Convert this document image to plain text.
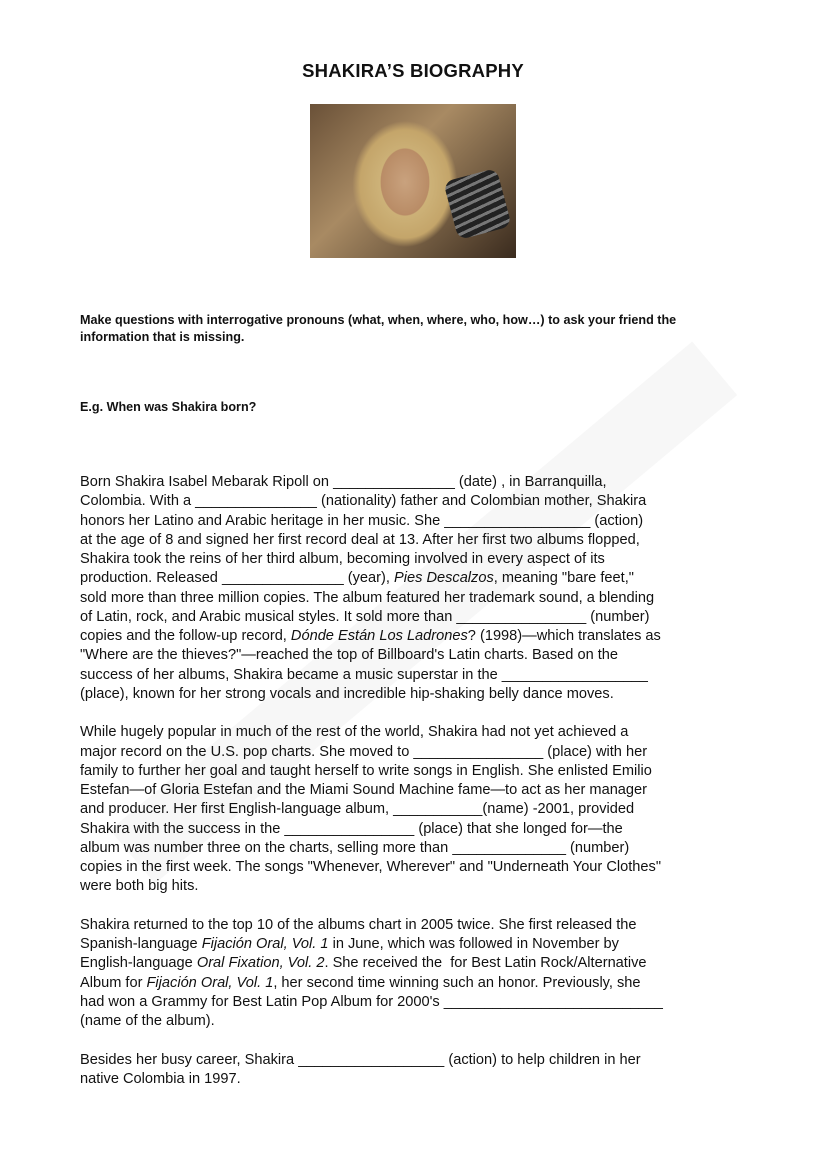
SHAKIRA’S BIOGRAPHY
Make questions with interrogative pronouns (what, when, where, who, how…) to ask your friend the
information that is missing.
E.g. When was Shakira born?
Born Shakira Isabel Mebarak Ripoll on _______________ (date) , in Barranquilla,
Colombia. With a _______________ (nationality) father and Colombian mother, Shakira
honors her Latino and Arabic heritage in her music. She __________________ (action)
at the age of 8 and signed her first record deal at 13. After her first two albums flopped,
Shakira took the reins of her third album, becoming involved in every aspect of its
production. Released _______________ (year), Pies Descalzos, meaning "bare feet,"
sold more than three million copies. The album featured her trademark sound, a blending
of Latin, rock, and Arabic musical styles. It sold more than ________________ (number)
copies and the follow-up record, Dónde Están Los Ladrones? (1998)—which translates as
"Where are the thieves?"—reached the top of Billboard's Latin charts. Based on the
success of her albums, Shakira became a music superstar in the __________________
(place), known for her strong vocals and incredible hip-shaking belly dance moves.
While hugely popular in much of the rest of the world, Shakira had not yet achieved a
major record on the U.S. pop charts. She moved to ________________ (place) with her
family to further her goal and taught herself to write songs in English. She enlisted Emilio
Estefan—of Gloria Estefan and the Miami Sound Machine fame—to act as her manager
and producer. Her first English-language album, ___________(name) -2001, provided
Shakira with the success in the ________________ (place) that she longed for—the
album was number three on the charts, selling more than ______________ (number)
copies in the first week. The songs "Whenever, Wherever" and "Underneath Your Clothes"
were both big hits.
Shakira returned to the top 10 of the albums chart in 2005 twice. She first released the
Spanish-language Fijación Oral, Vol. 1 in June, which was followed in November by
English-language Oral Fixation, Vol. 2. She received the  for Best Latin Rock/Alternative
Album for Fijación Oral, Vol. 1, her second time winning such an honor. Previously, she
had won a Grammy for Best Latin Pop Album for 2000's ___________________________
(name of the album).
Besides her busy career, Shakira __________________ (action) to help children in her
native Colombia in 1997.
